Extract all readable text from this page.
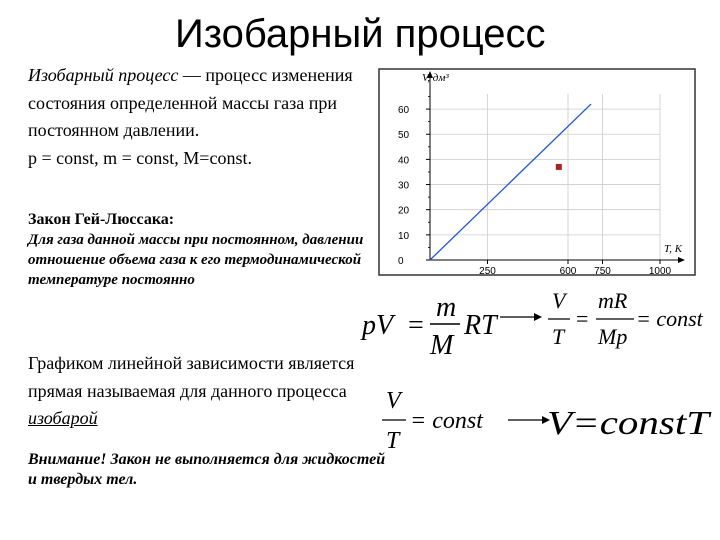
Изобарный процесс
Изобарный процесс — процесс изменения состояния определенной массы газа при постоянном давлении.
p = const, m = const, M=const.
Закон Гей-Люссака:
Для газа данной массы при постоянном, давлении отношение объема газа к его термодинамической температуре постоянно
Графиком линейной зависимости является прямая называемая для данного процесса изобарой
Внимание! Закон не выполняется для жидкостей и твердых тел.
0
10
20
30
40
50
60
250	600 750	1000
V, дм³
T, K
pV =
m
M
RT
V
T
=
mR
Mp
= const
V
T
= const V=constT
